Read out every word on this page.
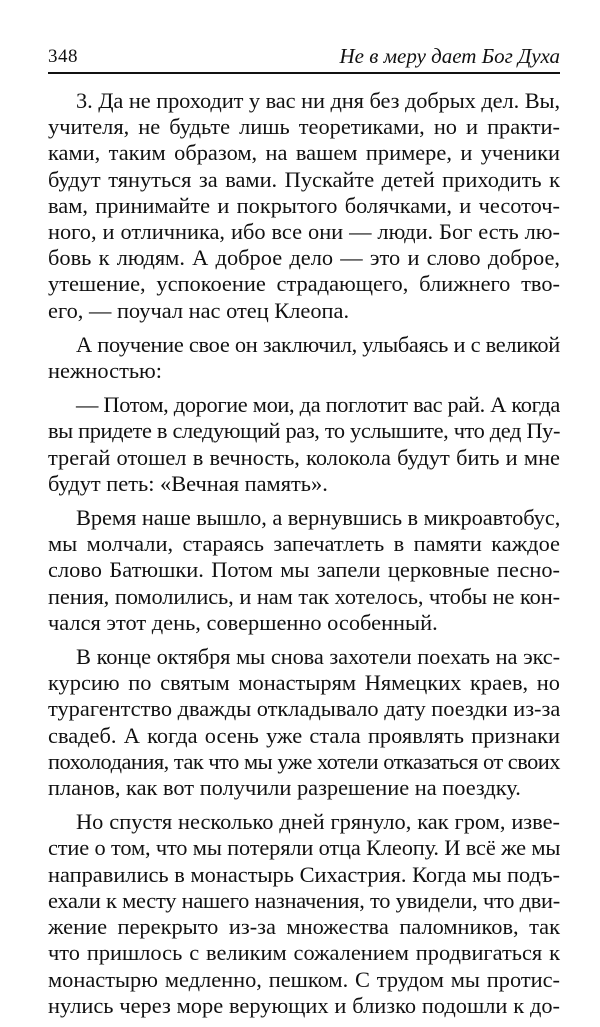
348	Не в меру дает Бог Духа

3. Да не проходит у вас ни дня без добрых дел. Вы,
учителя, не будьте лишь теоретиками, но и практи-
ками, таким образом, на вашем примере, и ученики
будут тянуться за вами. Пускайте детей приходить к
вам, принимайте и покрытого болячками, и чесоточ-
ного, и отличника, ибо все они — люди. Бог есть лю-
бовь к людям. А доброе дело — это и слово доброе,
утешение, успокоение страдающего, ближнего тво-
его, — поучал нас отец Клеопа.

А поучение свое он заключил, улыбаясь и с великой
нежностью:

— Потом, дорогие мои, да поглотит вас рай. А когда
вы придете в следующий раз, то услышите, что дед Пу-
трегай отошел в вечность, колокола будут бить и мне
будут петь: «Вечная память».

Время наше вышло, а вернувшись в микроавтобус,
мы молчали, стараясь запечатлеть в памяти каждое
слово Батюшки. Потом мы запели церковные песно-
пения, помолились, и нам так хотелось, чтобы не кон-
чался этот день, совершенно особенный.

В конце октября мы снова захотели поехать на экс-
курсию по святым монастырям Нямецких краев, но
турагентство дважды откладывало дату поездки из-за
свадеб. А когда осень уже стала проявлять признаки
похолодания, так что мы уже хотели отказаться от своих
планов, как вот получили разрешение на поездку.

Но спустя несколько дней грянуло, как гром, изве-
стие о том, что мы потеряли отца Клеопу. И всё же мы
направились в монастырь Сихастрия. Когда мы подъ-
ехали к месту нашего назначения, то увидели, что дви-
жение перекрыто из-за множества паломников, так
что пришлось с великим сожалением продвигаться к
монастырю медленно, пешком. С трудом мы протис-
нулись через море верующих и близко подошли к до-
